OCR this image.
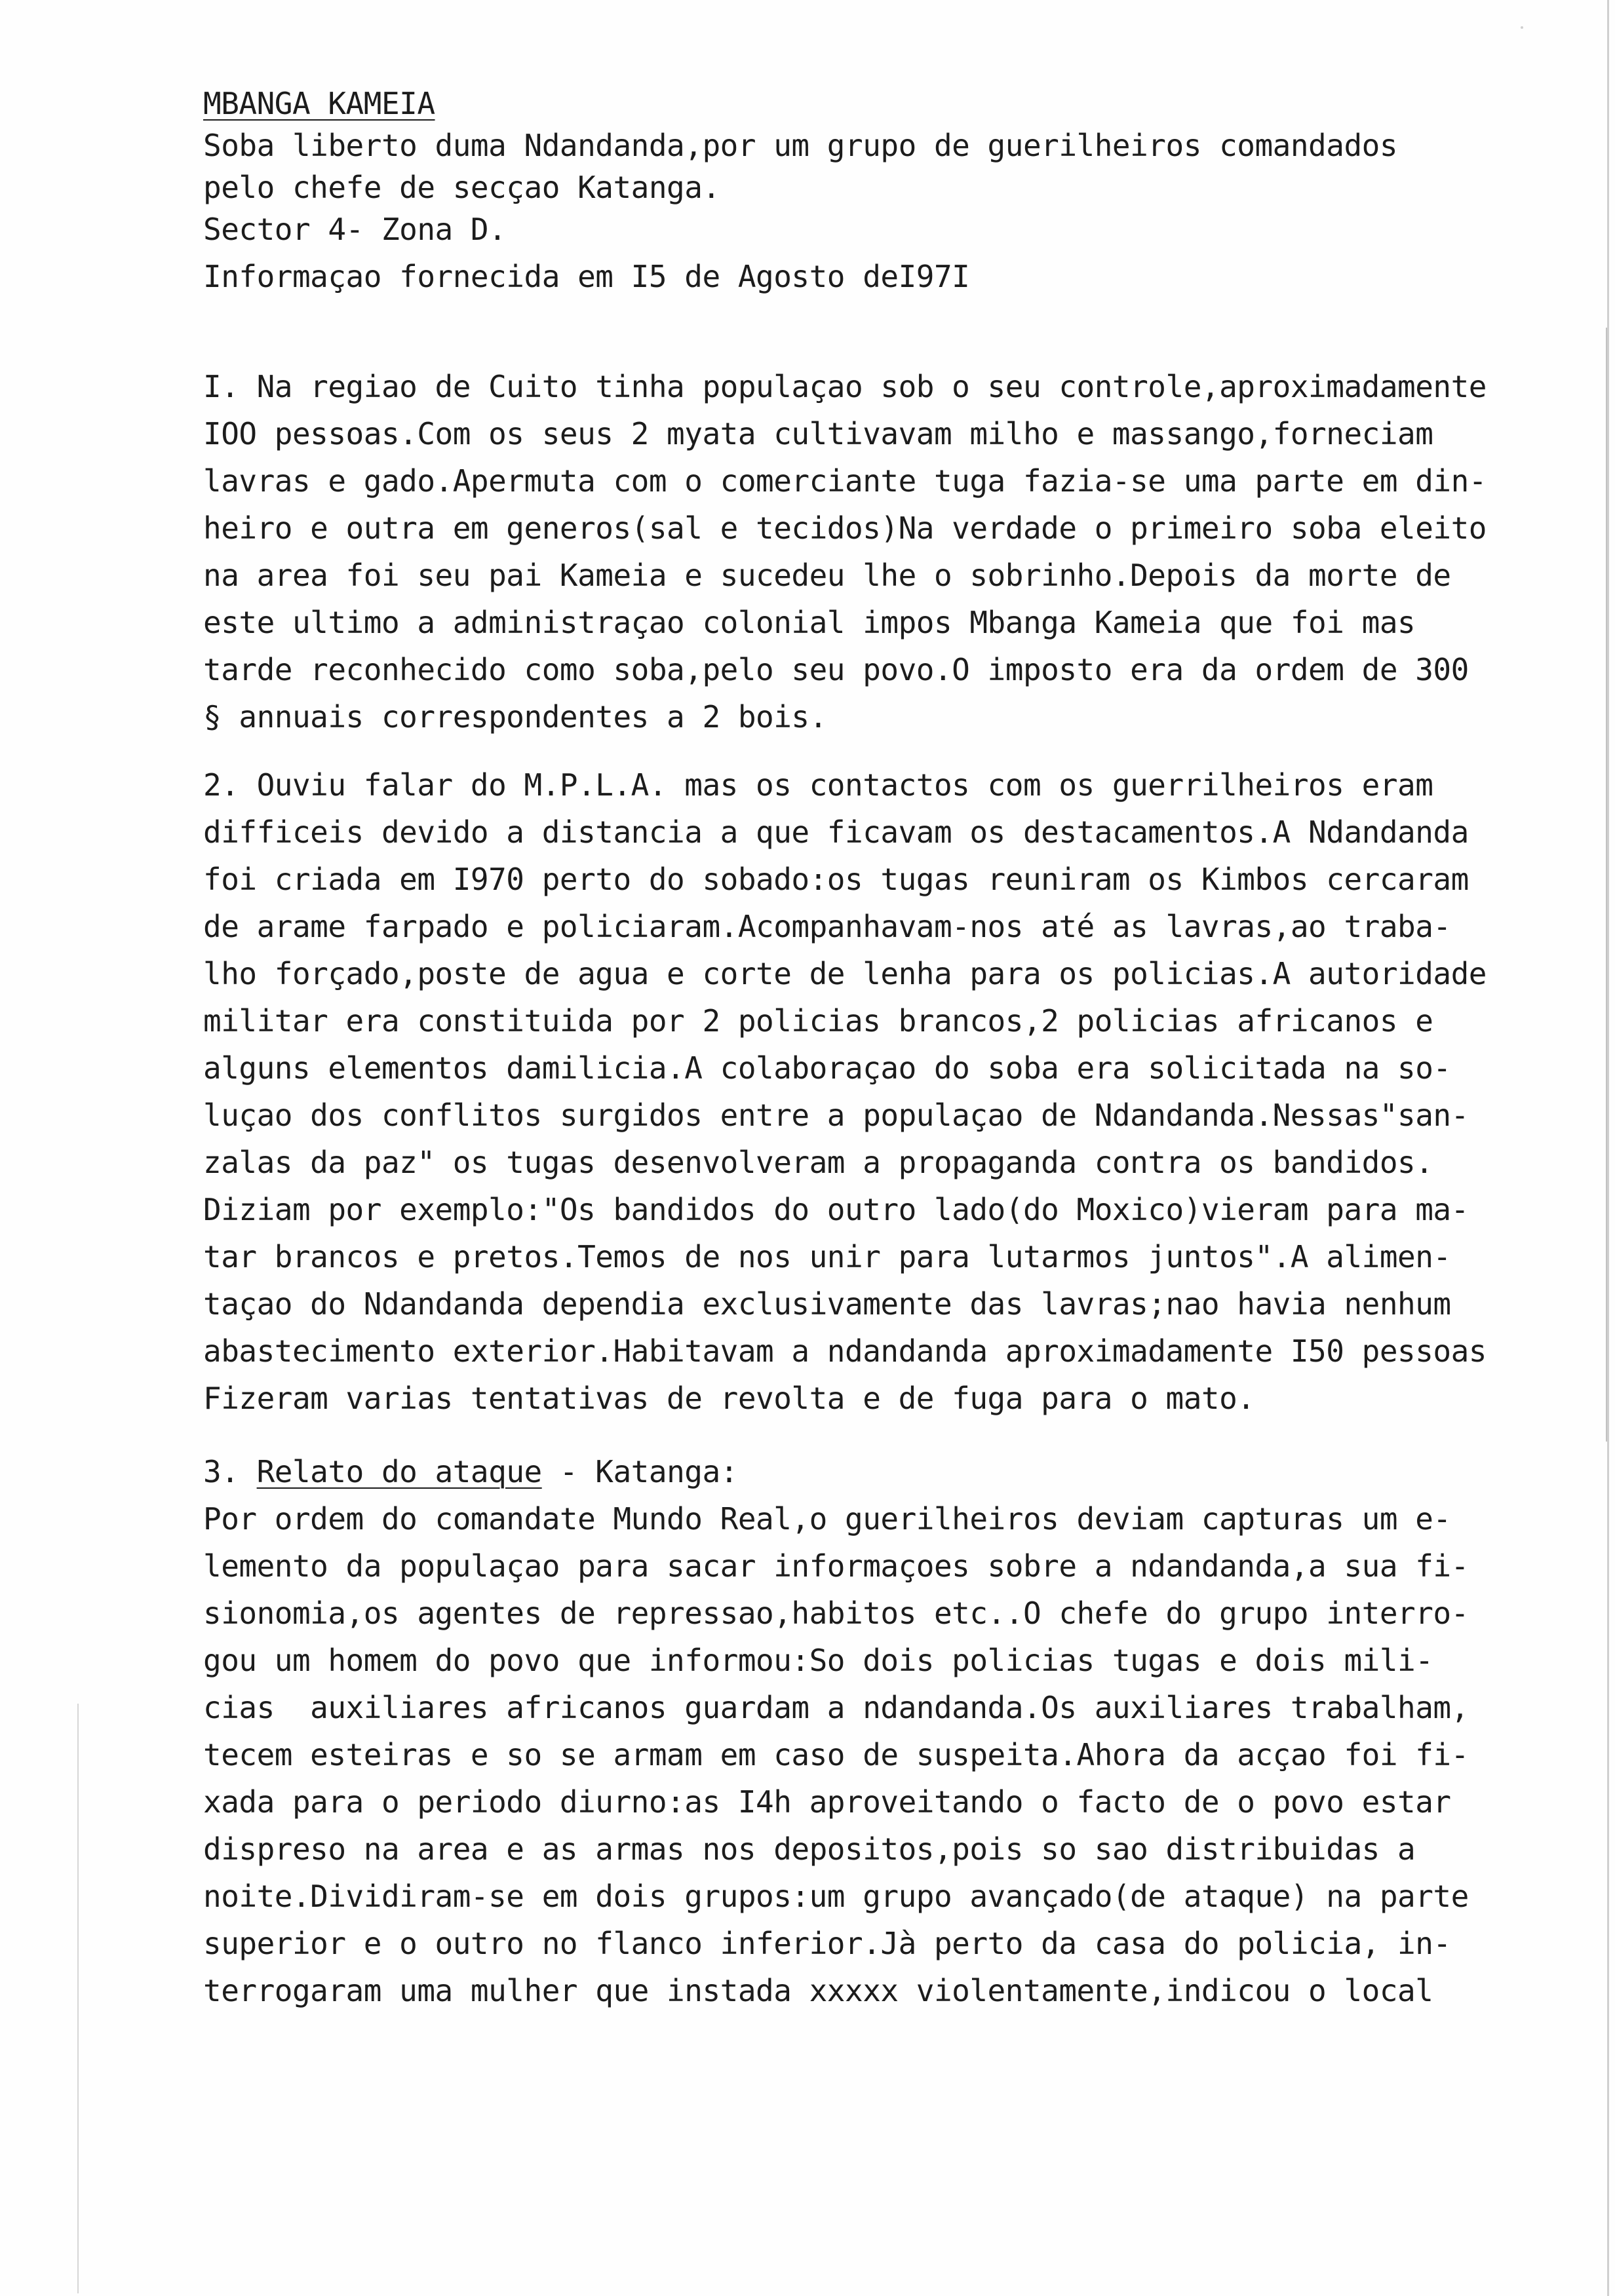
MBANGA KAMEIA

Soba liberto duma Ndandanda,por um grupo de guerilheiros comandados

pelo chefe de secçao Katanga.

Sector 4- Zona D.

Informaçao fornecida em I5 de Agosto deI97I

I. Na regiao de Cuito tinha populaçao sob o seu controle,aproximadamente

IOO pessoas.Com os seus 2 myata cultivavam milho e massango,forneciam

lavras e gado.Apermuta com o comerciante tuga fazia-se uma parte em din-

heiro e outra em generos(sal e tecidos)Na verdade o primeiro soba eleito

na area foi seu pai Kameia e sucedeu lhe o sobrinho.Depois da morte de

este ultimo a administraçao colonial impos Mbanga Kameia que foi mas

tarde reconhecido como soba,pelo seu povo.O imposto era da ordem de 300

§ annuais correspondentes a 2 bois.

2. Ouviu falar do M.P.L.A. mas os contactos com os guerrilheiros eram

difficeis devido a distancia a que ficavam os destacamentos.A Ndandanda

foi criada em I970 perto do sobado:os tugas reuniram os Kimbos cercaram

de arame farpado e policiaram.Acompanhavam-nos até as lavras,ao traba-

lho forçado,poste de agua e corte de lenha para os policias.A autoridade

militar era constituida por 2 policias brancos,2 policias africanos e

alguns elementos damilicia.A colaboraçao do soba era solicitada na so-

luçao dos conflitos surgidos entre a populaçao de Ndandanda.Nessas"san-

zalas da paz" os tugas desenvolveram a propaganda contra os bandidos.

Diziam por exemplo:"Os bandidos do outro lado(do Moxico)vieram para ma-

tar brancos e pretos.Temos de nos unir para lutarmos juntos".A alimen-

taçao do Ndandanda dependia exclusivamente das lavras;nao havia nenhum

abastecimento exterior.Habitavam a ndandanda aproximadamente I50 pessoas

Fizeram varias tentativas de revolta e de fuga para o mato.

3. Relato do ataque - Katanga:

Por ordem do comandate Mundo Real,o guerilheiros deviam capturas um e-

lemento da populaçao para sacar informaçoes sobre a ndandanda,a sua fi-

sionomia,os agentes de repressao,habitos etc..O chefe do grupo interro-

gou um homem do povo que informou:So dois policias tugas e dois mili-

cias  auxiliares africanos guardam a ndandanda.Os auxiliares trabalham,

tecem esteiras e so se armam em caso de suspeita.Ahora da acçao foi fi-

xada para o periodo diurno:as I4h aproveitando o facto de o povo estar

dispreso na area e as armas nos depositos,pois so sao distribuidas a

noite.Dividiram-se em dois grupos:um grupo avançado(de ataque) na parte

superior e o outro no flanco inferior.Jà perto da casa do policia, in-

terrogaram uma mulher que instada xxxxx violentamente,indicou o local
